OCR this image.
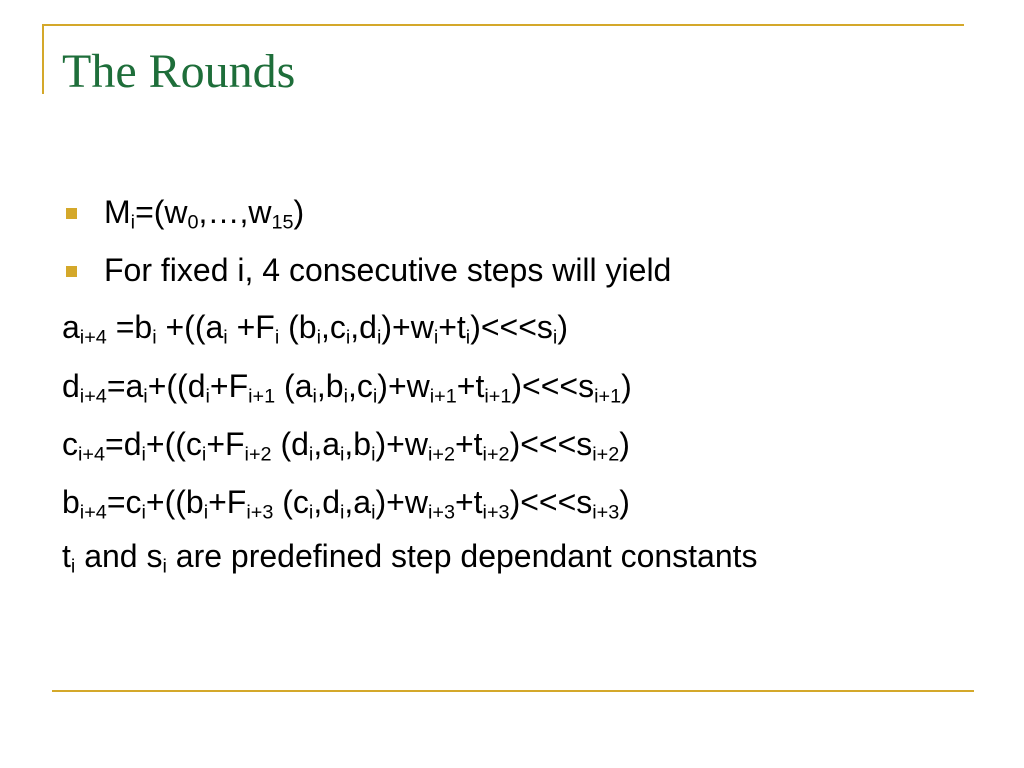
The Rounds
$M_i=(w_0,\dots,w_{15})$
For fixed i, 4 consecutive steps will yield
$a_{i+4} =b_i +((a_i +F_i$ $(b_i,c_i,d_i)+w_i+t_i)<<<s_i$)
$d_{i+4}=a_i+((d_i+F_{i+1}$ $(a_i,b_i,c_i)+w_{i+1}+t_{i+1})<<<s_{i+1}$)
$c_{i+4}=d_i+((c_i+F_{i+2}$ $(d_i,a_i,b_i)+w_{i+2}+t_{i+2})<<<s_{i+2}$)
$b_{i+4}=c_i+((b_i+F_{i+3}$ $(c_i,d_i,a_i)+w_{i+3}+t_{i+3})<<<s_{i+3}$)
$t_i$ and $s_i$ are predefined step dependant constants
